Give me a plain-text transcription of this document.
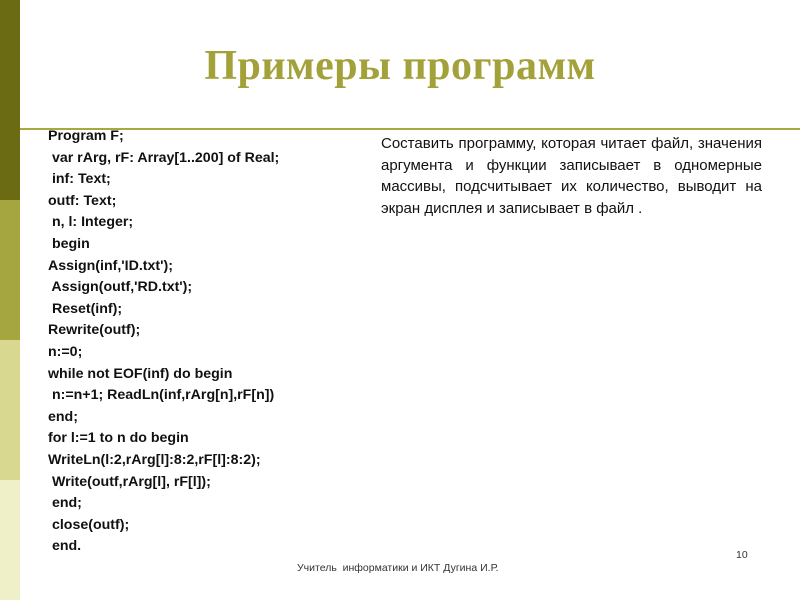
Примеры программ
Program F;
var rArg, rF: Array[1..200] of Real;
inf: Text;
outf: Text;
n, l: Integer;
begin
Assign(inf,'ID.txt');
Assign(outf,'RD.txt');
Reset(inf);
Rewrite(outf);
n:=0;
while not EOF(inf) do begin
n:=n+1; ReadLn(inf,rArg[n],rF[n])
end;
for l:=1 to n do begin
WriteLn(l:2,rArg[l]:8:2,rF[l]:8:2);
Write(outf,rArg[l], rF[l]);
end;
close(outf);
end.

Составить программу, которая читает файл, значения аргумента и функции записывает в одномерные массивы, подсчитывает их количество, выводит на экран дисплея и записывает в файл .

Учитель  информатики и ИКТ Дугина И.Р.
10
